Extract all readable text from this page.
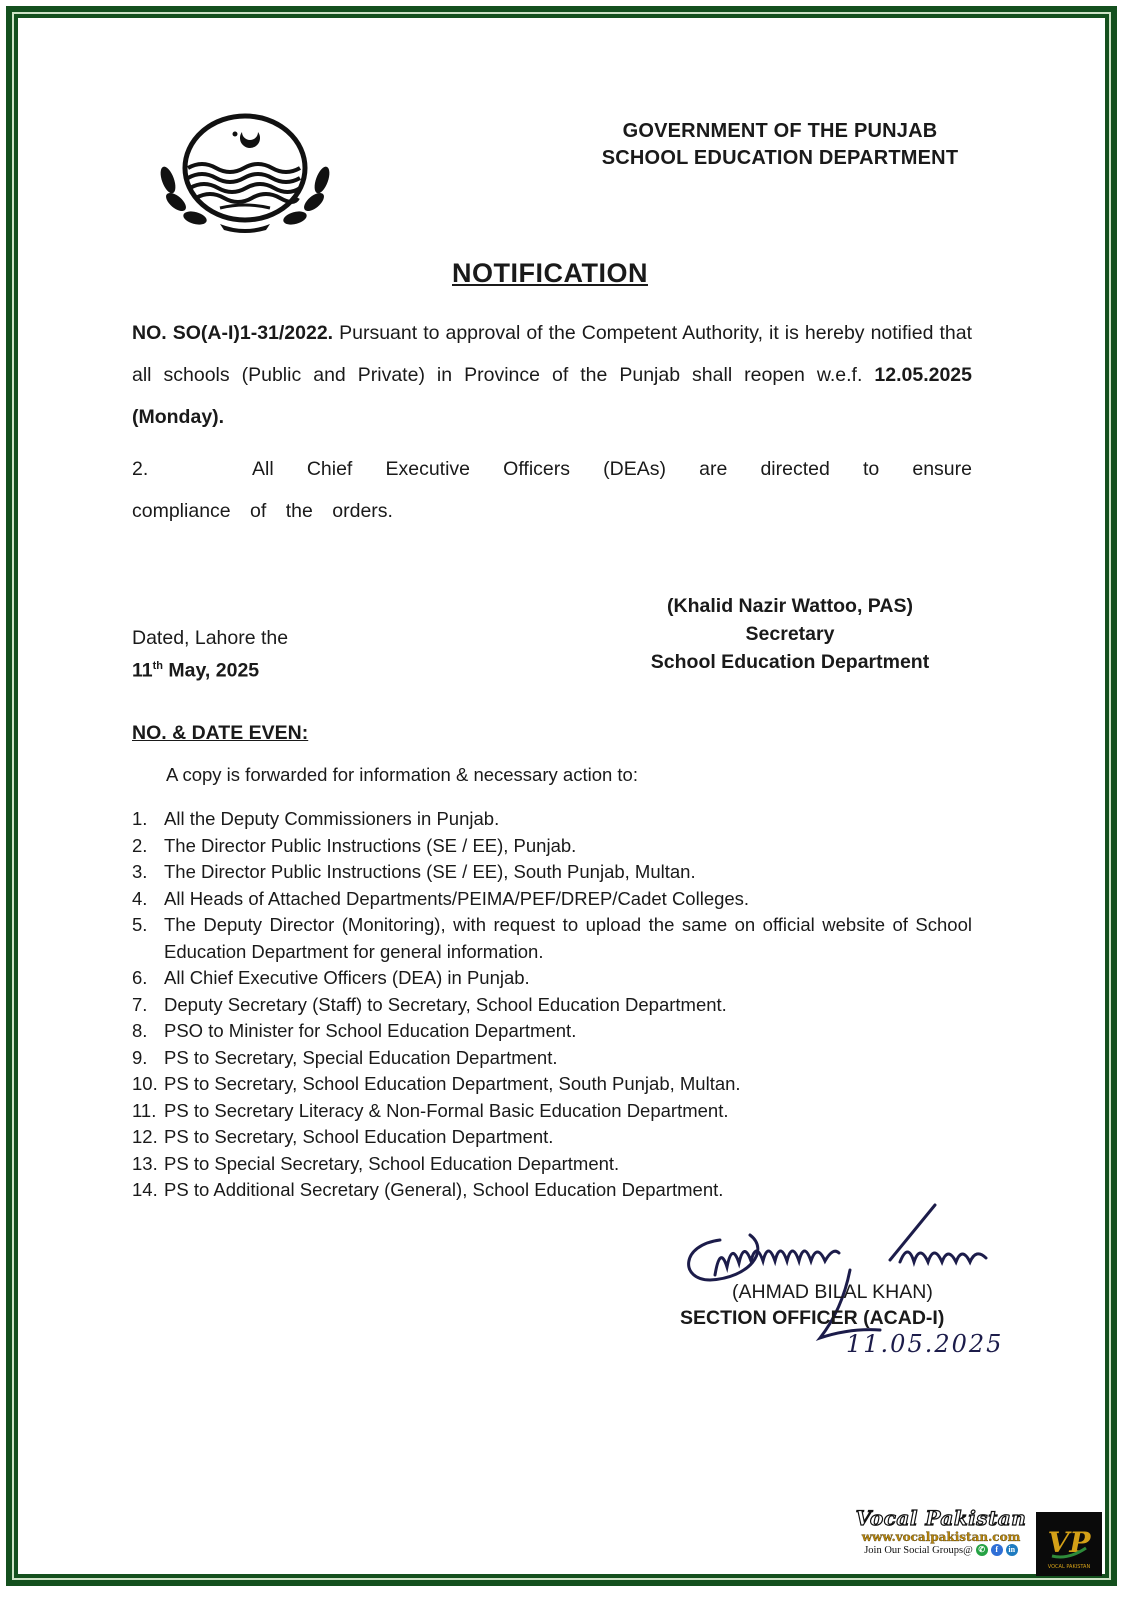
GOVERNMENT OF THE PUNJAB
SCHOOL EDUCATION DEPARTMENT
NOTIFICATION
NO. SO(A-I)1-31/2022. Pursuant to approval of the Competent Authority, it is hereby notified that all schools (Public and Private) in Province of the Punjab shall reopen w.e.f. 12.05.2025 (Monday).
2.	All Chief Executive Officers (DEAs) are directed to ensure compliance of the orders.
(Khalid Nazir Wattoo, PAS)
Secretary
School Education Department
Dated, Lahore the
11th May, 2025
NO. & DATE EVEN:
A copy is forwarded for information & necessary action to:
1. All the Deputy Commissioners in Punjab.
2. The Director Public Instructions (SE / EE), Punjab.
3. The Director Public Instructions (SE / EE), South Punjab, Multan.
4. All Heads of Attached Departments/PEIMA/PEF/DREP/Cadet Colleges.
5. The Deputy Director (Monitoring), with request to upload the same on official website of School Education Department for general information.
6. All Chief Executive Officers (DEA) in Punjab.
7. Deputy Secretary (Staff) to Secretary, School Education Department.
8. PSO to Minister for School Education Department.
9. PS to Secretary, Special Education Department.
10. PS to Secretary, School Education Department, South Punjab, Multan.
11. PS to Secretary Literacy & Non-Formal Basic Education Department.
12. PS to Secretary, School Education Department.
13. PS to Special Secretary, School Education Department.
14. PS to Additional Secretary (General), School Education Department.
(AHMAD BILAL KHAN)
SECTION OFFICER (ACAD-I)
11.05.2025
Vocal Pakistan
www.vocalpakistan.com
Join Our Social Groups@ ✆	f	in VP
VOCAL PAKISTAN
